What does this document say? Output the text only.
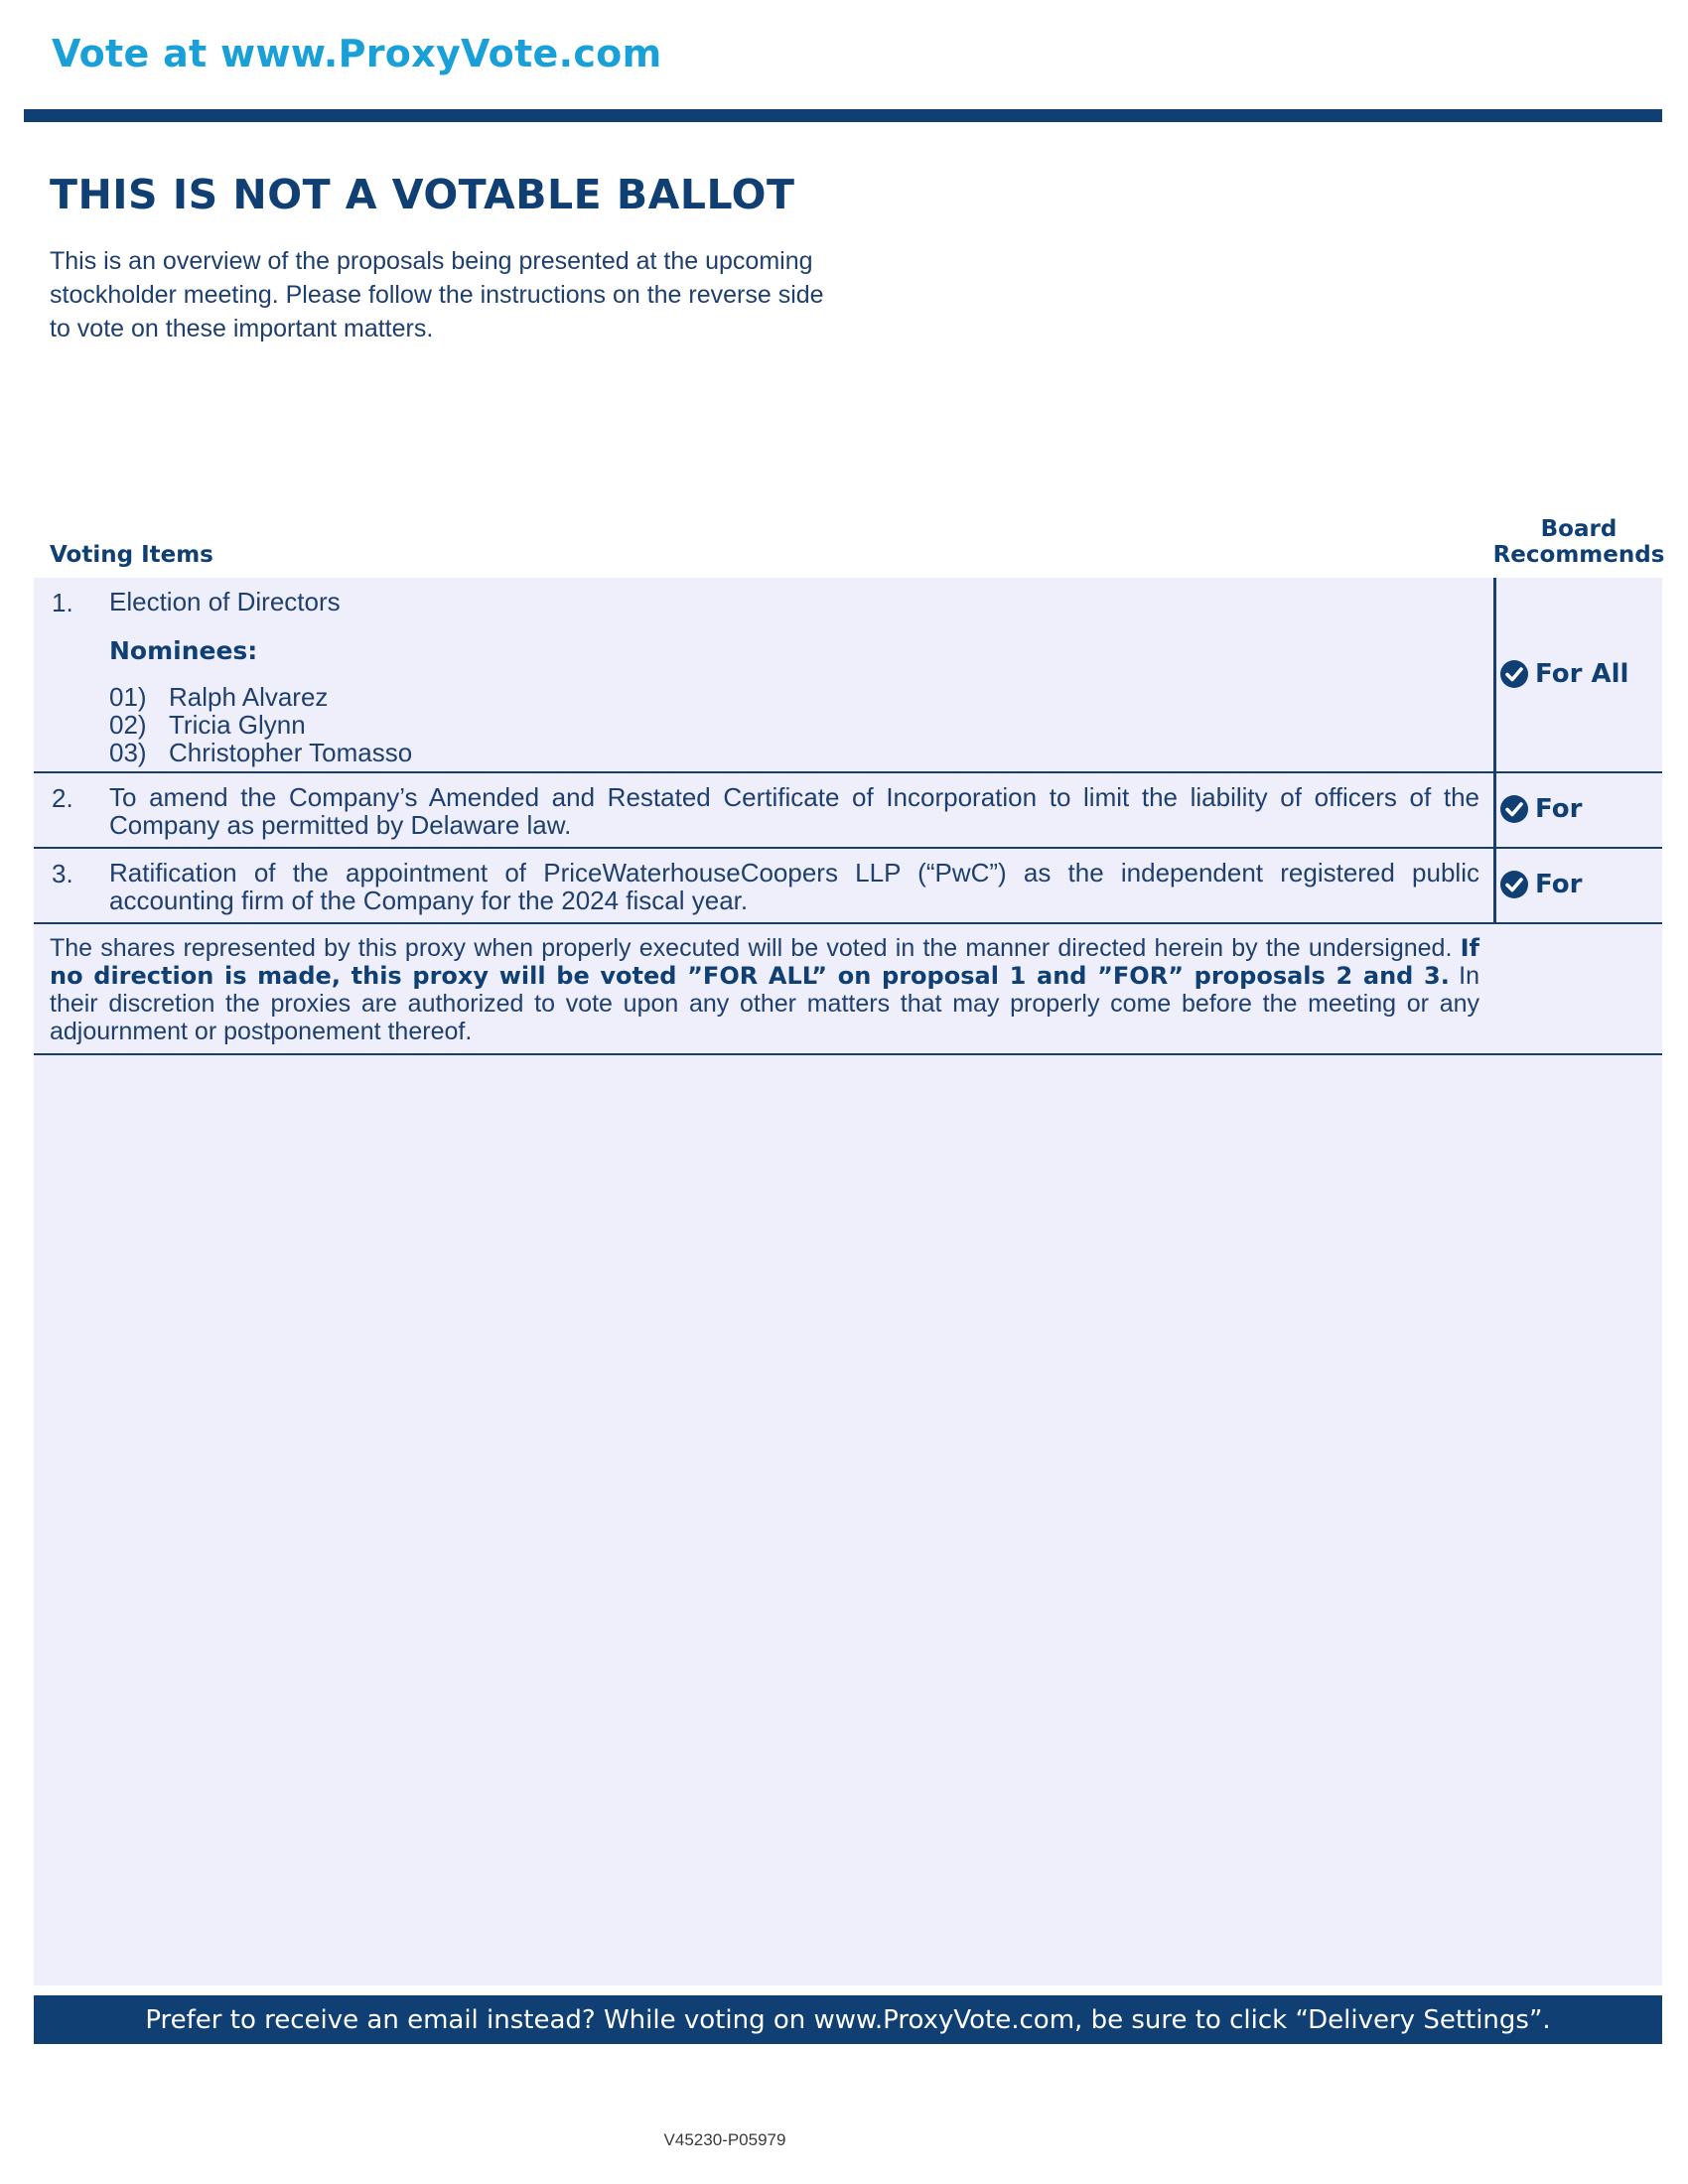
Vote at www.ProxyVote.com
THIS IS NOT A VOTABLE BALLOT
This is an overview of the proposals being presented at the upcoming stockholder meeting. Please follow the instructions on the reverse side to vote on these important matters.
Voting Items
Board Recommends
1. Election of Directors
Nominees:
01) Ralph Alvarez
02) Tricia Glynn
03) Christopher Tomasso
For All
2. To amend the Company’s Amended and Restated Certificate of Incorporation to limit the liability of officers of the Company as permitted by Delaware law.
For
3. Ratification of the appointment of PriceWaterhouseCoopers LLP (“PwC”) as the independent registered public accounting firm of the Company for the 2024 fiscal year.
For
The shares represented by this proxy when properly executed will be voted in the manner directed herein by the undersigned. If no direction is made, this proxy will be voted ”FOR ALL” on proposal 1 and ”FOR” proposals 2 and 3. In their discretion the proxies are authorized to vote upon any other matters that may properly come before the meeting or any adjournment or postponement thereof.
Prefer to receive an email instead? While voting on www.ProxyVote.com, be sure to click “Delivery Settings”.
V45230-P05979
